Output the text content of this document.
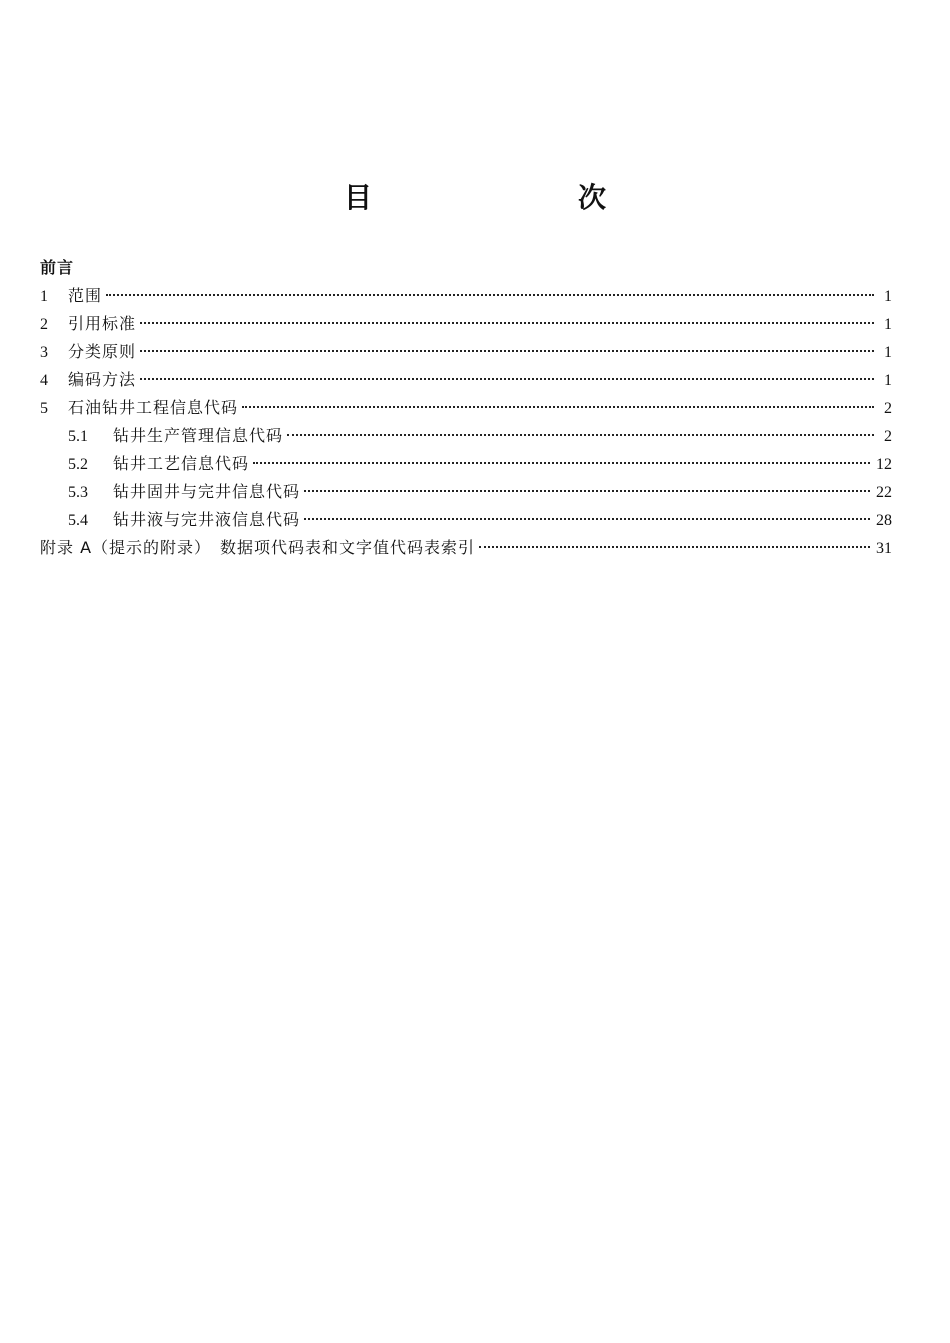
目　　次
前言
1	范围	1
2	引用标准	1
3	分类原则	1
4	编码方法	1
5	石油钻井工程信息代码	2
5.1	钻井生产管理信息代码	2
5.2	钻井工艺信息代码	12
5.3	钻井固井与完井信息代码	22
5.4	钻井液与完井液信息代码	28
附录 A（提示的附录）　数据项代码表和文字值代码表索引	31
